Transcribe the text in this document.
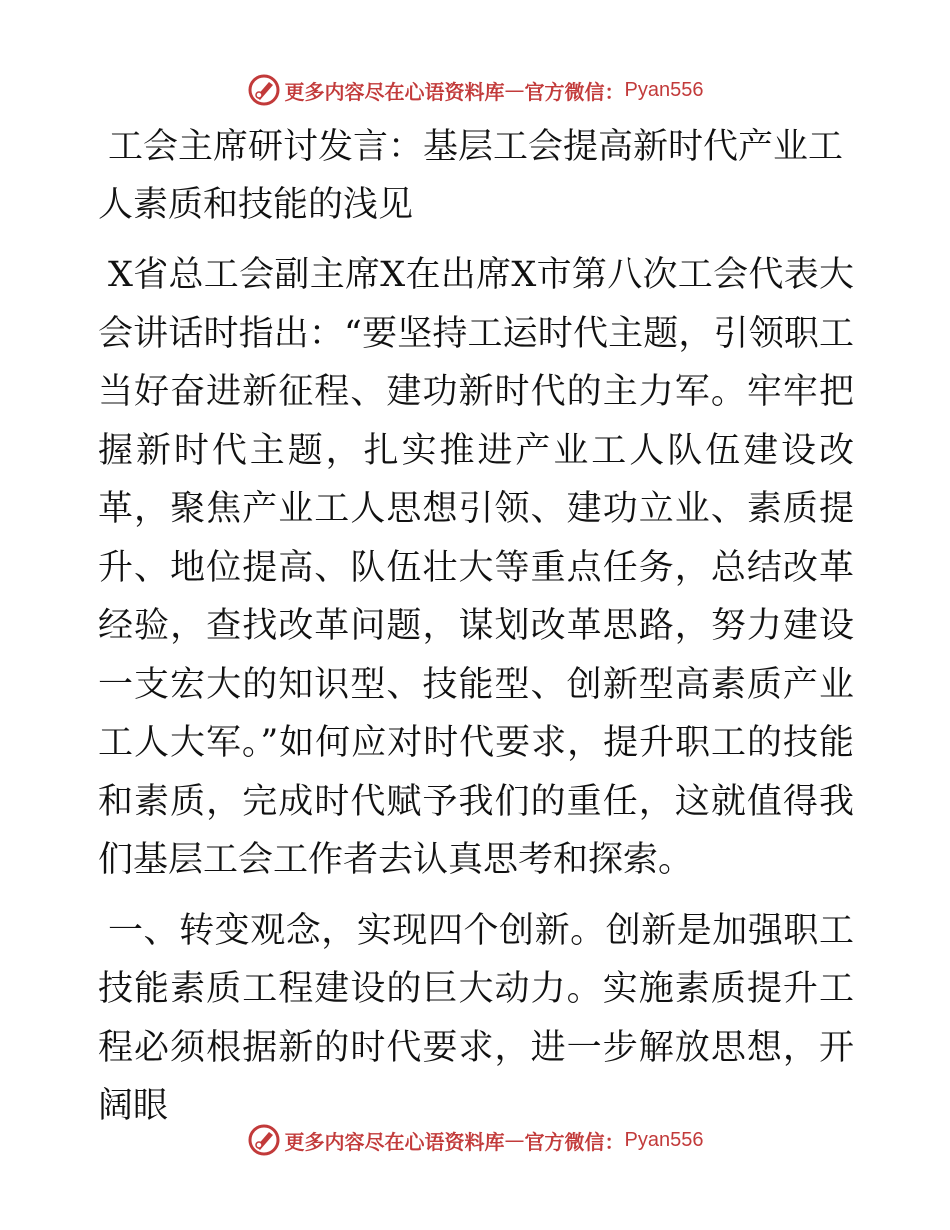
更多内容尽在心语资料库 — 官方微信： Pyan556
工会主席研讨发言：基层工会提高新时代产业工人素质和技能的浅见

X省总工会副主席X在出席X市第八次工会代表大会讲话时指出：“要坚持工运时代主题，引领职工当好奋进新征程、建功新时代的主力军。牢牢把握新时代主题，扎实推进产业工人队伍建设改革，聚焦产业工人思想引领、建功立业、素质提升、地位提高、队伍壮大等重点任务，总结改革经验，查找改革问题，谋划改革思路，努力建设一支宏大的知识型、技能型、创新型高素质产业工人大军。”如何应对时代要求，提升职工的技能和素质，完成时代赋予我们的重任，这就值得我们基层工会工作者去认真思考和探索。

一、转变观念，实现四个创新。创新是加强职工技能素质工程建设的巨大动力。实施素质提升工程必须根据新的时代要求，进一步解放思想，开阔眼

更多内容尽在心语资料库 — 官方微信： Pyan556
